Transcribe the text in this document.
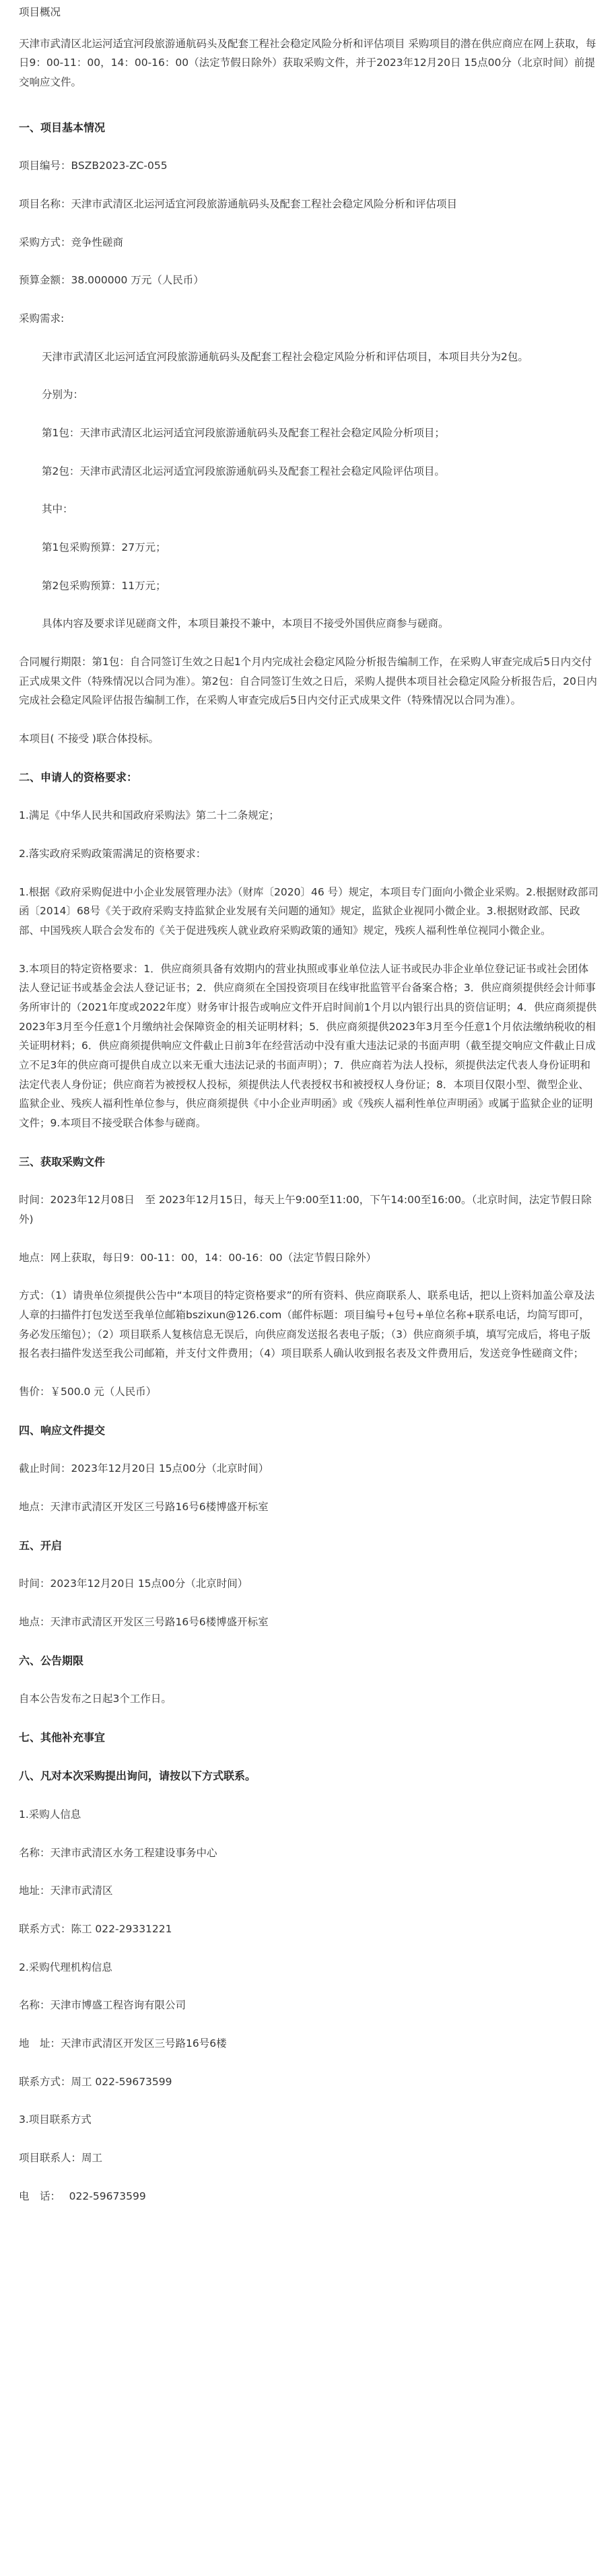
项目概况

天津市武清区北运河适宜河段旅游通航码头及配套工程社会稳定风险分析和评估项目 采购项目的潜在供应商应在网上获取，每日9：00-11：00，14：00-16：00（法定节假日除外）获取采购文件，并于2023年12月20日 15点00分（北京时间）前提交响应文件。

一、项目基本情况

项目编号：BSZB2023-ZC-055

项目名称：天津市武清区北运河适宜河段旅游通航码头及配套工程社会稳定风险分析和评估项目

采购方式：竞争性磋商

预算金额：38.000000 万元（人民币）

采购需求:

天津市武清区北运河适宜河段旅游通航码头及配套工程社会稳定风险分析和评估项目，本项目共分为2包。

分别为：

第1包：天津市武清区北运河适宜河段旅游通航码头及配套工程社会稳定风险分析项目；

第2包：天津市武清区北运河适宜河段旅游通航码头及配套工程社会稳定风险评估项目。

其中：

第1包采购预算：27万元；

第2包采购预算：11万元；

具体内容及要求详见磋商文件，本项目兼投不兼中，本项目不接受外国供应商参与磋商。

合同履行期限：第1包：自合同签订生效之日起1个月内完成社会稳定风险分析报告编制工作，在采购人审查完成后5日内交付正式成果文件（特殊情况以合同为准）。第2包：自合同签订生效之日后，采购人提供本项目社会稳定风险分析报告后，20日内完成社会稳定风险评估报告编制工作，在采购人审查完成后5日内交付正式成果文件（特殊情况以合同为准）。

本项目( 不接受 )联合体投标。

二、申请人的资格要求：

1.满足《中华人民共和国政府采购法》第二十二条规定；

2.落实政府采购政策需满足的资格要求：

1.根据《政府采购促进中小企业发展管理办法》（财库〔2020〕46 号）规定，本项目专门面向小微企业采购。2.根据财政部司函〔2014〕68号《关于政府采购支持监狱企业发展有关问题的通知》规定，监狱企业视同小微企业。3.根据财政部、民政部、中国残疾人联合会发布的《关于促进残疾人就业政府采购政策的通知》规定，残疾人福利性单位视同小微企业。

3.本项目的特定资格要求：1．供应商须具备有效期内的营业执照或事业单位法人证书或民办非企业单位登记证书或社会团体法人登记证书或基金会法人登记证书；2．供应商须在全国投资项目在线审批监管平台备案合格；3．供应商须提供经会计师事务所审计的（2021年度或2022年度）财务审计报告或响应文件开启时间前1个月以内银行出具的资信证明；4．供应商须提供2023年3月至今任意1个月缴纳社会保障资金的相关证明材料；5．供应商须提供2023年3月至今任意1个月依法缴纳税收的相关证明材料；6．供应商须提供响应文件截止日前3年在经营活动中没有重大违法记录的书面声明（截至提交响应文件截止日成立不足3年的供应商可提供自成立以来无重大违法记录的书面声明）；7．供应商若为法人投标，须提供法定代表人身份证明和法定代表人身份证；供应商若为被授权人投标，须提供法人代表授权书和被授权人身份证；8．本项目仅限小型、微型企业、监狱企业、残疾人福利性单位参与，供应商须提供《中小企业声明函》或《残疾人福利性单位声明函》或属于监狱企业的证明文件；9.本项目不接受联合体参与磋商。

三、获取采购文件

时间：2023年12月08日　至 2023年12月15日，每天上午9:00至11:00，下午14:00至16:00。（北京时间，法定节假日除外)

地点：网上获取，每日9：00-11：00，14：00-16：00（法定节假日除外）

方式：（1）请贵单位须提供公告中“本项目的特定资格要求”的所有资料、供应商联系人、联系电话，把以上资料加盖公章及法人章的扫描件打包发送至我单位邮箱bszixun@126.com（邮件标题：项目编号+包号+单位名称+联系电话，均简写即可，务必发压缩包）；（2）项目联系人复核信息无误后，向供应商发送报名表电子版；（3）供应商须手填，填写完成后，将电子版报名表扫描件发送至我公司邮箱，并支付文件费用；（4）项目联系人确认收到报名表及文件费用后，发送竞争性磋商文件；

售价：￥500.0 元（人民币）

四、响应文件提交

截止时间：2023年12月20日 15点00分（北京时间）

地点：天津市武清区开发区三号路16号6楼博盛开标室

五、开启

时间：2023年12月20日 15点00分（北京时间）

地点：天津市武清区开发区三号路16号6楼博盛开标室

六、公告期限

自本公告发布之日起3个工作日。

七、其他补充事宜

八、凡对本次采购提出询问，请按以下方式联系。

1.采购人信息

名称：天津市武清区水务工程建设事务中心

地址：天津市武清区

联系方式：陈工 022-29331221

2.采购代理机构信息

名称：天津市博盛工程咨询有限公司

地　址：天津市武清区开发区三号路16号6楼

联系方式：周工 022-59673599

3.项目联系方式

项目联系人：周工

电　话：　 022-59673599
